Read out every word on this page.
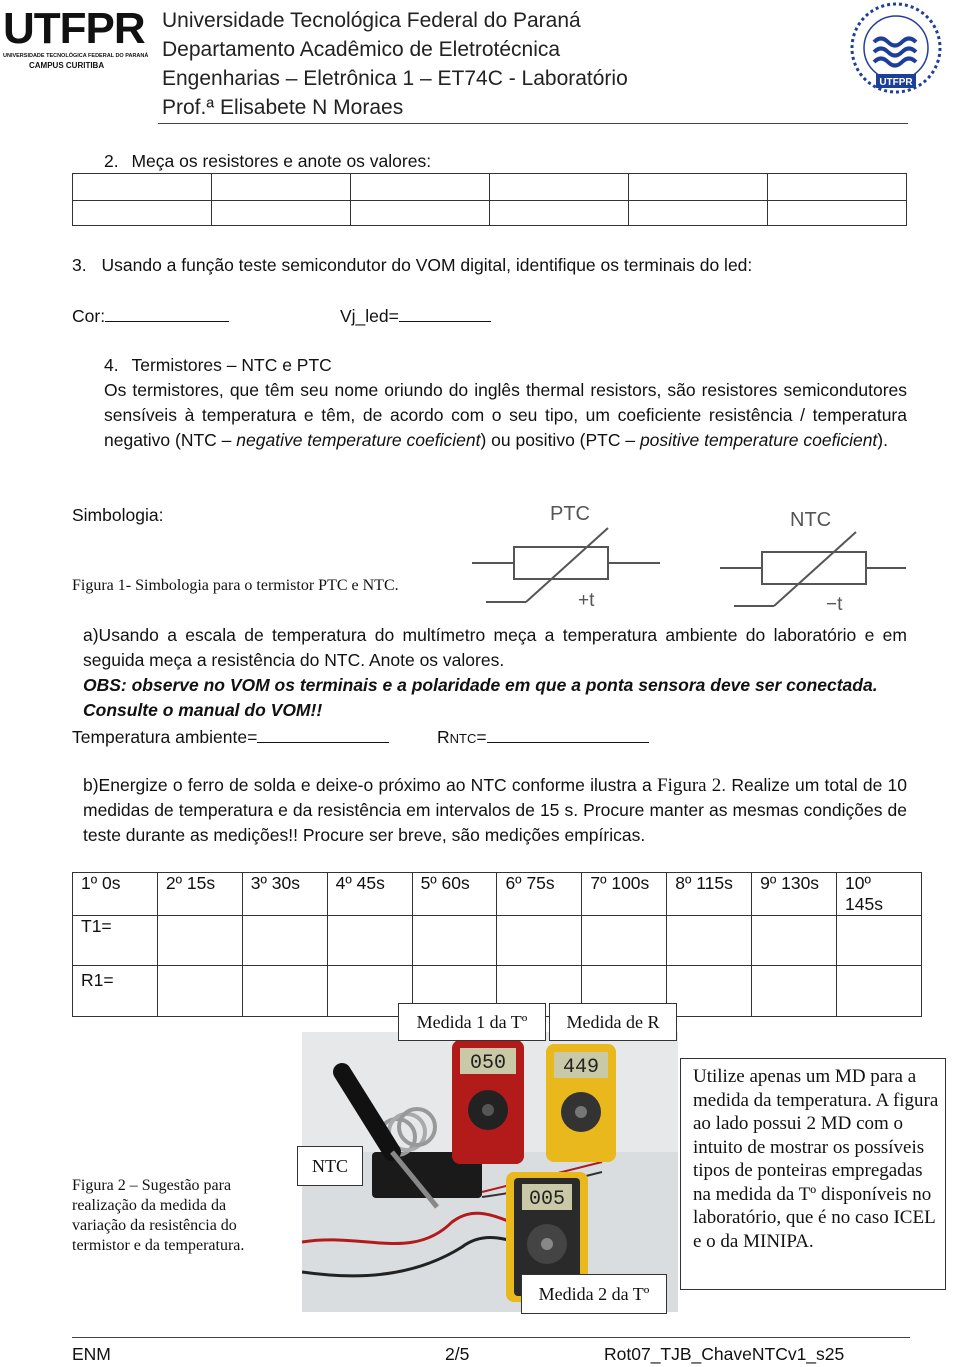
UTFPR
UNIVERSIDADE TECNOLÓGICA FEDERAL DO PARANÁ
CAMPUS CURITIBA
Universidade Tecnológica Federal do Paraná
Departamento Acadêmico de Eletrotécnica
Engenharias – Eletrônica 1 – ET74C - Laboratório
Prof.ª Elisabete N Moraes
UTFPR
2. Meça os resistores e anote os valores:

3. Usando a função teste semicondutor do VOM digital, identifique os terminais do led:
Cor:	Vj_led=
4. Termistores – NTC e PTC
Os termistores, que têm seu nome oriundo do inglês thermal resistors, são resistores semicondutores sensíveis à temperatura e têm, de acordo com o seu tipo, um coeficiente resistência / temperatura negativo (NTC – negative temperature coeficient) ou positivo (PTC – positive temperature coeficient).
Simbologia:	PTC
+t
NTC
−t
Figura 1- Simbologia para o termistor PTC e NTC.
a)Usando a escala de temperatura do multímetro meça a temperatura ambiente do laboratório e em seguida meça a resistência do NTC. Anote os valores.
OBS: observe no VOM os terminais e a polaridade em que a ponta sensora deve ser conectada. Consulte o manual do VOM!!
Temperatura ambiente=	RNTC=
b)Energize o ferro de solda e deixe-o próximo ao NTC conforme ilustra a Figura 2. Realize um total de 10 medidas de temperatura e da resistência em intervalos de 15 s. Procure manter as mesmas condições de teste durante as medições!! Procure ser breve, são medições empíricas.
1º 0s	2º 15s	3º 30s	4º 45s	5º 60s	6º 75s	7º 100s	8º 115s	9º 130s	10º 145s
T1=									
R1=									
050	449
005
Medida 1 da Tº	Medida de R
NTC
Medida 2 da Tº
Figura 2 – Sugestão para realização da medida da variação da resistência do termistor e da temperatura.
Utilize apenas um MD para a medida da temperatura. A figura ao lado possui 2 MD com o intuito de mostrar os possíveis tipos de ponteiras empregadas na medida da Tº disponíveis no laboratório, que é no caso ICEL e o da MINIPA.
ENM	2/5	Rot07_TJB_ChaveNTCv1_s25
